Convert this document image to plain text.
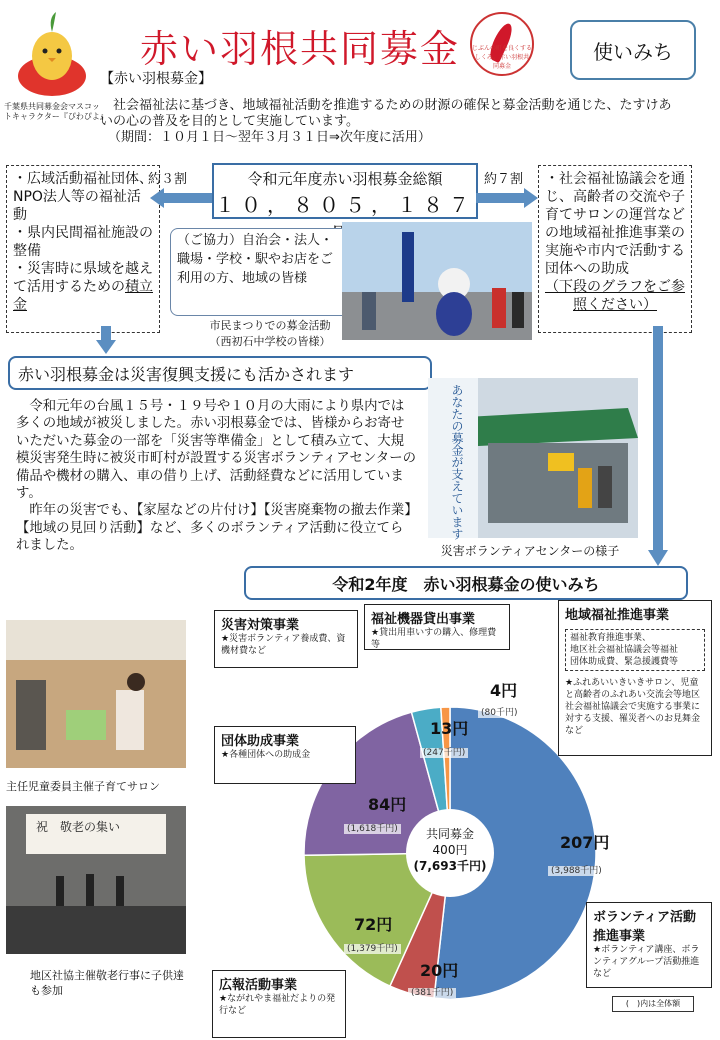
千葉県共同募金会マスコットキャラクター『ぴわぴよ』
赤い羽根共同募金 じぶんの町を良くするしくみ。赤い羽根共同募金
使いみち
【赤い羽根募金】
社会福祉法に基づき、地域福祉活動を推進するための財源の確保と募金活動を通じた、たすけあいの心の普及を目的として実施しています。
（期間：１０月１日～翌年３月３１日⇒次年度に活用）
・広域活動福祉団体、NPO法人等の福祉活動
・県内民間福祉施設の整備
・災害時に県域を越えて活用するための積立金
約３割	令和元年度赤い羽根募金総額
１０，８０５，１８７
約７割 ・社会福祉協議会を通じ、高齢者の交流や子育てサロンの運営などの地域福祉推進事業の実施や市内で活動する団体への助成
（下段のグラフをご参照ください）
（ご協力）自治会・法人・職場・学校・駅やお店をご利用の方、地域の皆様
市民まつりでの募金活動
（西初石中学校の皆様）
赤い羽根募金は災害復興支援にも活かされます
令和元年の台風１５号・１９号や１０月の大雨により県内では多くの地域が被災しました。赤い羽根募金では、皆様からお寄せいただいた募金の一部を「災害等準備金」として積み立て、大規模災害発生時に被災市町村が設置する災害ボランティアセンターの備品や機材の購入、車の借り上げ、活動経費などに活用しています。
昨年の災害でも、【家屋などの片付け】【災害廃棄物の撤去作業】【地域の見回り活動】など、多くのボランティア活動に役立てられました。
あなたの募金が支えています
災害ボランティアセンターの様子
令和2年度　赤い羽根募金の使いみち
主任児童委員主催子育てサロン
祝　敬老の集い
地区社協主催敬老行事に子供達も参加
共同募金
400円
(7,693千円)
207円
(3,988千円)
20円
(381千円)
72円
(1,379千円)
84円
(1,618千円)
13円
(247千円)
4円
(80千円)
災害対策事業
★災害ボランティア養成費、資機材費など
福祉機器貸出事業
★貸出用車いすの購入、修理費等
地域福祉推進事業
福祉教育推進事業、
地区社会福祉協議会等福祉
団体助成費、緊急援護費等
★ふれあいいきいきサロン、児童と高齢者のふれあい交流会等地区社会福祉協議会で実施する事業に対する支援、罹災者へのお見舞金など
団体助成事業
★各種団体への助成金
ボランティア活動推進事業
★ボランティア講座、ボランティアグループ活動推進など
広報活動事業
★ながれやま福祉だよりの発行など
(　)内は全体額
